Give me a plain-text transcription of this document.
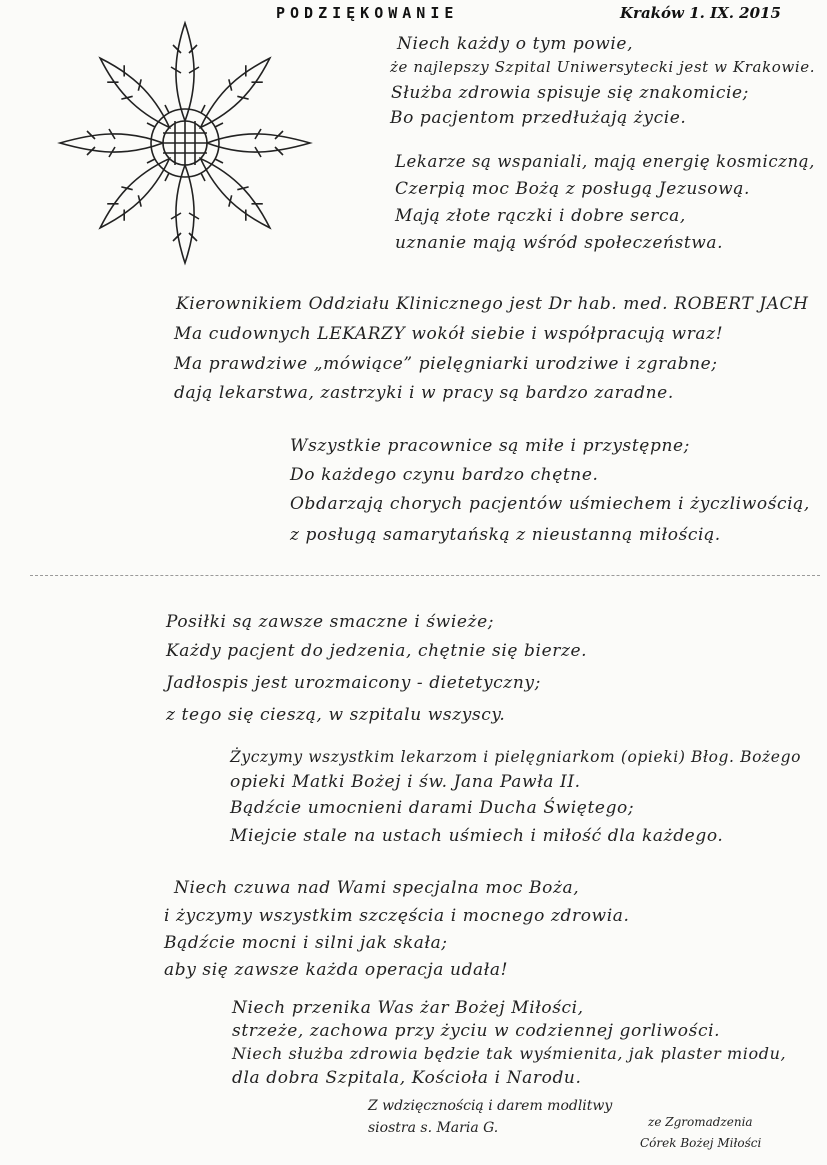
PODZIĘKOWANIE	Kraków 1. IX. 2015
Niech każdy o tym powie,
że najlepszy Szpital Uniwersytecki jest w Krakowie.
Służba zdrowia spisuje się znakomicie;
Bo pacjentom przedłużają życie.
Lekarze są wspaniali, mają energię kosmiczną,
Czerpią moc Bożą z posługą Jezusową.
Mają złote rączki i dobre serca,
uznanie mają wśród społeczeństwa.
Kierownikiem Oddziału Klinicznego jest Dr hab. med. ROBERT JACH
Ma cudownych LEKARZY wokół siebie i współpracują wraz!
Ma prawdziwe „mówiące” pielęgniarki urodziwe i zgrabne;
dają lekarstwa, zastrzyki i w pracy są bardzo zaradne.
Wszystkie pracownice są miłe i przystępne;
Do każdego czynu bardzo chętne.
Obdarzają chorych pacjentów uśmiechem i życzliwością,
z posługą samarytańską z nieustanną miłością.
Posiłki są zawsze smaczne i świeże;
Każdy pacjent do jedzenia, chętnie się bierze.
Jadłospis jest urozmaicony - dietetyczny;
z tego się cieszą, w szpitalu wszyscy.
Życzymy wszystkim lekarzom i pielęgniarkom (opieki) Błog. Bożego
opieki Matki Bożej i św. Jana Pawła II.
Bądźcie umocnieni darami Ducha Świętego;
Miejcie stale na ustach uśmiech i miłość dla każdego.
Niech czuwa nad Wami specjalna moc Boża,
i życzymy wszystkim szczęścia i mocnego zdrowia.
Bądźcie mocni i silni jak skała;
aby się zawsze każda operacja udała!
Niech przenika Was żar Bożej Miłości,
strzeże, zachowa przy życiu w codziennej gorliwości.
Niech służba zdrowia będzie tak wyśmienita, jak plaster miodu,
dla dobra Szpitala, Kościoła i Narodu.
Z wdzięcznością i darem modlitwy
siostra s. Maria G.	ze Zgromadzenia
Córek Bożej Miłości
